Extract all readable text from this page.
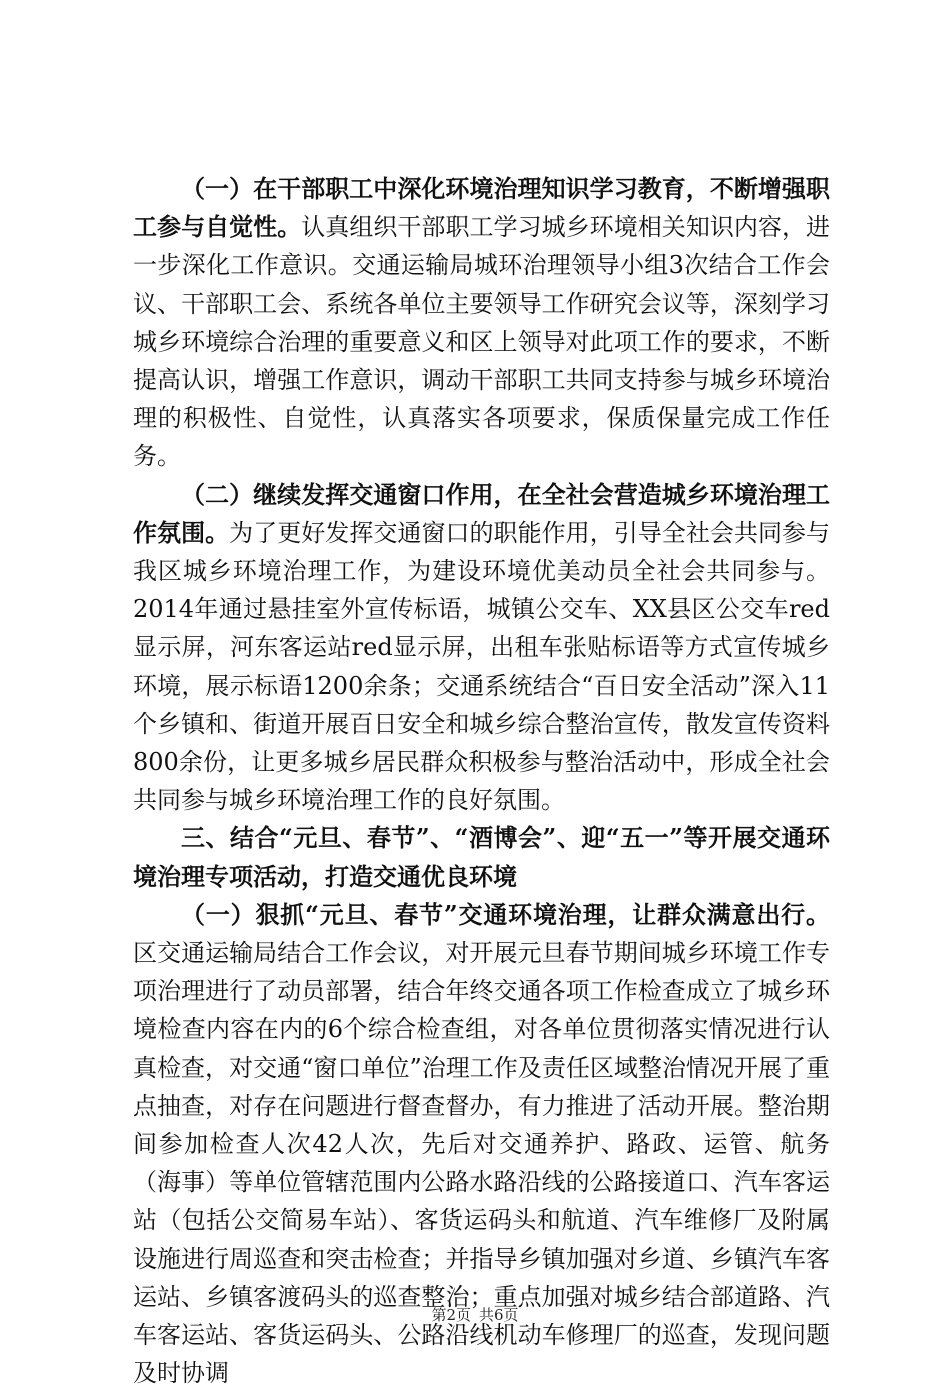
（一）在干部职工中深化环境治理知识学习教育，不断增强职工参与自觉性。认真组织干部职工学习城乡环境相关知识内容，进一步深化工作意识。交通运输局城环治理领导小组3次结合工作会议、干部职工会、系统各单位主要领导工作研究会议等，深刻学习城乡环境综合治理的重要意义和区上领导对此项工作的要求，不断提高认识，增强工作意识，调动干部职工共同支持参与城乡环境治理的积极性、自觉性，认真落实各项要求，保质保量完成工作任务。

（二）继续发挥交通窗口作用，在全社会营造城乡环境治理工作氛围。为了更好发挥交通窗口的职能作用，引导全社会共同参与我区城乡环境治理工作，为建设环境优美动员全社会共同参与。2014年通过悬挂室外宣传标语，城镇公交车、XX县区公交车red显示屏，河东客运站red显示屏，出租车张贴标语等方式宣传城乡环境，展示标语1200余条；交通系统结合“百日安全活动”深入11个乡镇和、街道开展百日安全和城乡综合整治宣传，散发宣传资料800余份，让更多城乡居民群众积极参与整治活动中，形成全社会共同参与城乡环境治理工作的良好氛围。

三、结合“元旦、春节”、“酒博会”、迎“五一”等开展交通环境治理专项活动，打造交通优良环境

（一）狠抓“元旦、春节”交通环境治理，让群众满意出行。区交通运输局结合工作会议，对开展元旦春节期间城乡环境工作专项治理进行了动员部署，结合年终交通各项工作检查成立了城乡环境检查内容在内的6个综合检查组，对各单位贯彻落实情况进行认真检查，对交通“窗口单位”治理工作及责任区域整治情况开展了重点抽查，对存在问题进行督查督办，有力推进了活动开展。整治期间参加检查人次42人次，先后对交通养护、路政、运管、航务（海事）等单位管辖范围内公路水路沿线的公路接道口、汽车客运站（包括公交简易车站）、客货运码头和航道、汽车维修厂及附属设施进行周巡查和突击检查；并指导乡镇加强对乡道、乡镇汽车客运站、乡镇客渡码头的巡查整治；重点加强对城乡结合部道路、汽车客运站、客货运码头、公路沿线机动车修理厂的巡查，发现问题及时协调

第2页 共6页
